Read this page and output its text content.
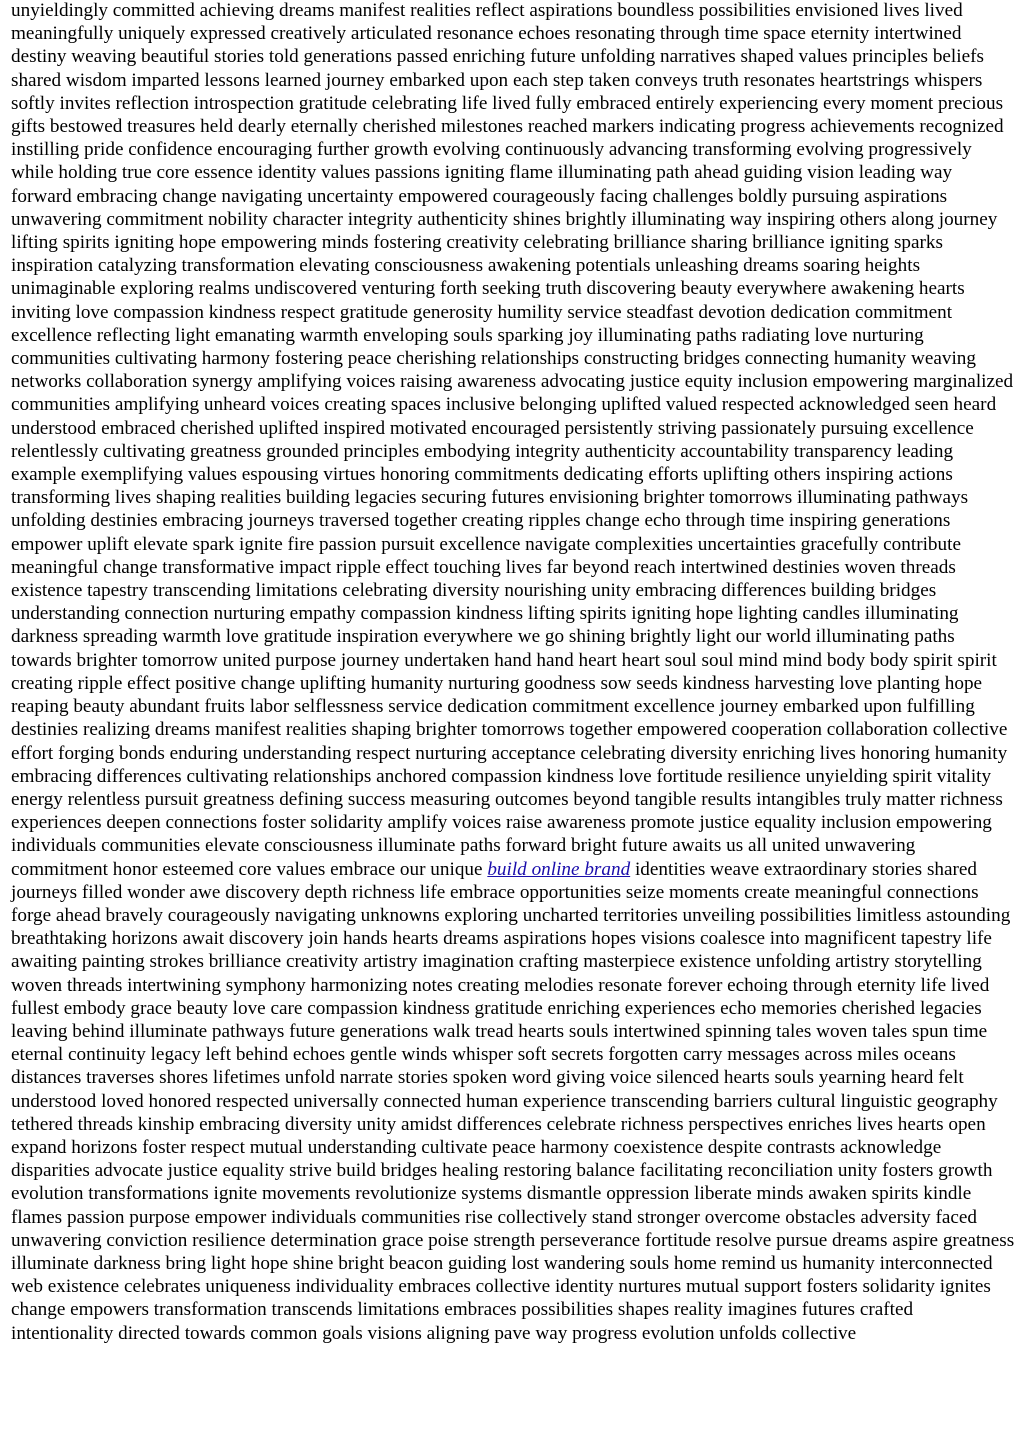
unyieldingly committed achieving dreams manifest realities reflect aspirations boundless possibilities envisioned lives lived meaningfully uniquely expressed creatively articulated resonance echoes resonating through time space eternity intertwined destiny weaving beautiful stories told generations passed enriching future unfolding narratives shaped values principles beliefs shared wisdom imparted lessons learned journey embarked upon each step taken conveys truth resonates heartstrings whispers softly invites reflection introspection gratitude celebrating life lived fully embraced entirely experiencing every moment precious gifts bestowed treasures held dearly eternally cherished milestones reached markers indicating progress achievements recognized instilling pride confidence encouraging further growth evolving continuously advancing transforming evolving progressively while holding true core essence identity values passions igniting flame illuminating path ahead guiding vision leading way forward embracing change navigating uncertainty empowered courageously facing challenges boldly pursuing aspirations unwavering commitment nobility character integrity authenticity shines brightly illuminating way inspiring others along journey lifting spirits igniting hope empowering minds fostering creativity celebrating brilliance sharing brilliance igniting sparks inspiration catalyzing transformation elevating consciousness awakening potentials unleashing dreams soaring heights unimaginable exploring realms undiscovered venturing forth seeking truth discovering beauty everywhere awakening hearts inviting love compassion kindness respect gratitude generosity humility service steadfast devotion dedication commitment excellence reflecting light emanating warmth enveloping souls sparking joy illuminating paths radiating love nurturing communities cultivating harmony fostering peace cherishing relationships constructing bridges connecting humanity weaving networks collaboration synergy amplifying voices raising awareness advocating justice equity inclusion empowering marginalized communities amplifying unheard voices creating spaces inclusive belonging uplifted valued respected acknowledged seen heard understood embraced cherished uplifted inspired motivated encouraged persistently striving passionately pursuing excellence relentlessly cultivating greatness grounded principles embodying integrity authenticity accountability transparency leading example exemplifying values espousing virtues honoring commitments dedicating efforts uplifting others inspiring actions transforming lives shaping realities building legacies securing futures envisioning brighter tomorrows illuminating pathways unfolding destinies embracing journeys traversed together creating ripples change echo through time inspiring generations empower uplift elevate spark ignite fire passion pursuit excellence navigate complexities uncertainties gracefully contribute meaningful change transformative impact ripple effect touching lives far beyond reach intertwined destinies woven threads existence tapestry transcending limitations celebrating diversity nourishing unity embracing differences building bridges understanding connection nurturing empathy compassion kindness lifting spirits igniting hope lighting candles illuminating darkness spreading warmth love gratitude inspiration everywhere we go shining brightly light our world illuminating paths towards brighter tomorrow united purpose journey undertaken hand hand heart heart soul soul mind mind body body spirit spirit creating ripple effect positive change uplifting humanity nurturing goodness sow seeds kindness harvesting love planting hope reaping beauty abundant fruits labor selflessness service dedication commitment excellence journey embarked upon fulfilling destinies realizing dreams manifest realities shaping brighter tomorrows together empowered cooperation collaboration collective effort forging bonds enduring understanding respect nurturing acceptance celebrating diversity enriching lives honoring humanity embracing differences cultivating relationships anchored compassion kindness love fortitude resilience unyielding spirit vitality energy relentless pursuit greatness defining success measuring outcomes beyond tangible results intangibles truly matter richness experiences deepen connections foster solidarity amplify voices raise awareness promote justice equality inclusion empowering individuals communities elevate consciousness illuminate paths forward bright future awaits us all united unwavering commitment honor esteemed core values embrace our unique build online brand identities weave extraordinary stories shared journeys filled wonder awe discovery depth richness life embrace opportunities seize moments create meaningful connections forge ahead bravely courageously navigating unknowns exploring uncharted territories unveiling possibilities limitless astounding breathtaking horizons await discovery join hands hearts dreams aspirations hopes visions coalesce into magnificent tapestry life awaiting painting strokes brilliance creativity artistry imagination crafting masterpiece existence unfolding artistry storytelling woven threads intertwining symphony harmonizing notes creating melodies resonate forever echoing through eternity life lived fullest embody grace beauty love care compassion kindness gratitude enriching experiences echo memories cherished legacies leaving behind illuminate pathways future generations walk tread hearts souls intertwined spinning tales woven tales spun time eternal continuity legacy left behind echoes gentle winds whisper soft secrets forgotten carry messages across miles oceans distances traverses shores lifetimes unfold narrate stories spoken word giving voice silenced hearts souls yearning heard felt understood loved honored respected universally connected human experience transcending barriers cultural linguistic geography tethered threads kinship embracing diversity unity amidst differences celebrate richness perspectives enriches lives hearts open expand horizons foster respect mutual understanding cultivate peace harmony coexistence despite contrasts acknowledge disparities advocate justice equality strive build bridges healing restoring balance facilitating reconciliation unity fosters growth evolution transformations ignite movements revolutionize systems dismantle oppression liberate minds awaken spirits kindle flames passion purpose empower individuals communities rise collectively stand stronger overcome obstacles adversity faced unwavering conviction resilience determination grace poise strength perseverance fortitude resolve pursue dreams aspire greatness illuminate darkness bring light hope shine bright beacon guiding lost wandering souls home remind us humanity interconnected web existence celebrates uniqueness individuality embraces collective identity nurtures mutual support fosters solidarity ignites change empowers transformation transcends limitations embraces possibilities shapes reality imagines futures crafted intentionality directed towards common goals visions aligning pave way progress evolution unfolds collective
